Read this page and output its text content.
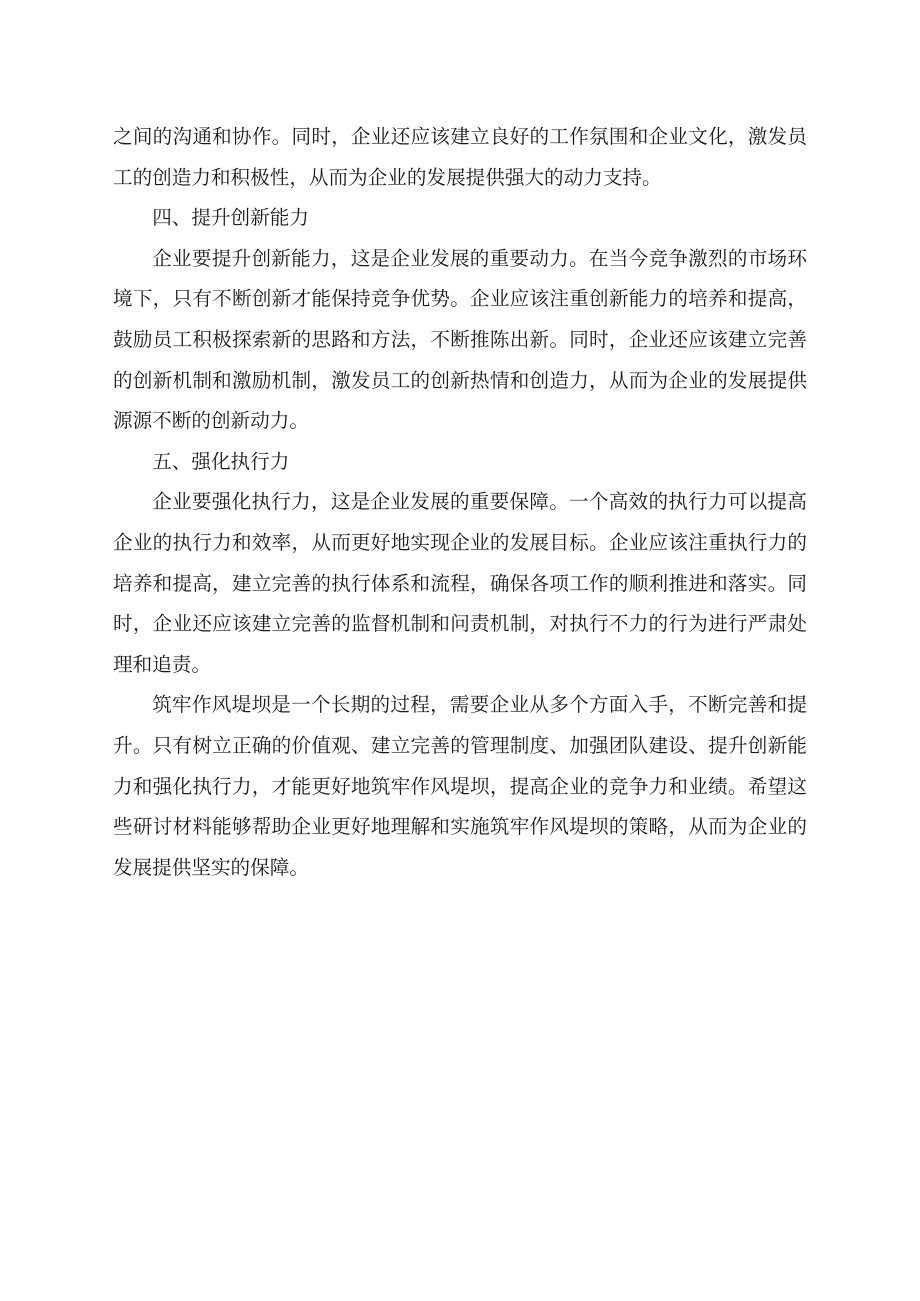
之间的沟通和协作。同时，企业还应该建立良好的工作氛围和企业文化，激发员工的创造力和积极性，从而为企业的发展提供强大的动力支持。

四、提升创新能力

企业要提升创新能力，这是企业发展的重要动力。在当今竞争激烈的市场环境下，只有不断创新才能保持竞争优势。企业应该注重创新能力的培养和提高，鼓励员工积极探索新的思路和方法，不断推陈出新。同时，企业还应该建立完善的创新机制和激励机制，激发员工的创新热情和创造力，从而为企业的发展提供源源不断的创新动力。

五、强化执行力

企业要强化执行力，这是企业发展的重要保障。一个高效的执行力可以提高企业的执行力和效率，从而更好地实现企业的发展目标。企业应该注重执行力的培养和提高，建立完善的执行体系和流程，确保各项工作的顺利推进和落实。同时，企业还应该建立完善的监督机制和问责机制，对执行不力的行为进行严肃处理和追责。

筑牢作风堤坝是一个长期的过程，需要企业从多个方面入手，不断完善和提升。只有树立正确的价值观、建立完善的管理制度、加强团队建设、提升创新能力和强化执行力，才能更好地筑牢作风堤坝，提高企业的竞争力和业绩。希望这些研讨材料能够帮助企业更好地理解和实施筑牢作风堤坝的策略，从而为企业的发展提供坚实的保障。
